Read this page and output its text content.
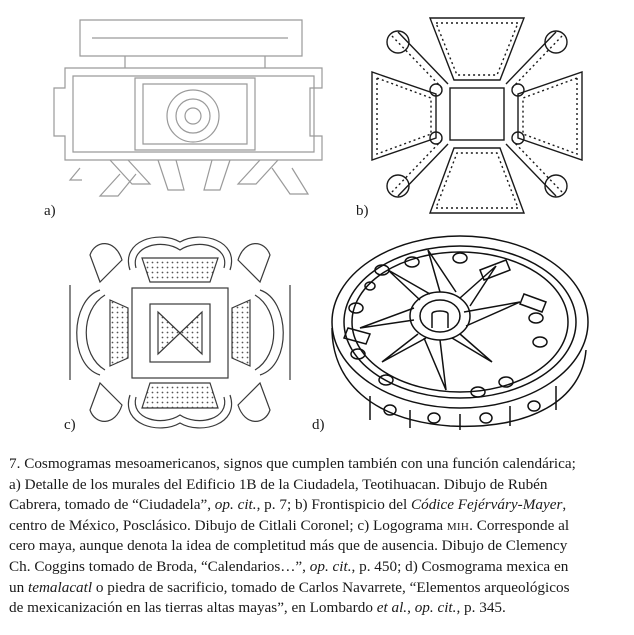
a)	b)
c)	d)
7. Cosmogramas mesoamericanos, signos que cumplen también con una función calendárica;
a) Detalle de los murales del Edificio 1B de la Ciudadela, Teotihuacan. Dibujo de Rubén
Cabrera, tomado de “Ciudadela”, op. cit., p. 7; b) Frontispicio del Códice Fejérváry-Mayer,
centro de México, Posclásico. Dibujo de Citlali Coronel; c) Logograma mih. Corresponde al
cero maya, aunque denota la idea de completitud más que de ausencia. Dibujo de Clemency
Ch. Coggins tomado de Broda, “Calendarios…”, op. cit., p. 450; d) Cosmograma mexica en
un temalacatl o piedra de sacrificio, tomado de Carlos Navarrete, “Elementos arqueológicos
de mexicanización en las tierras altas mayas”, en Lombardo et al., op. cit., p. 345.
